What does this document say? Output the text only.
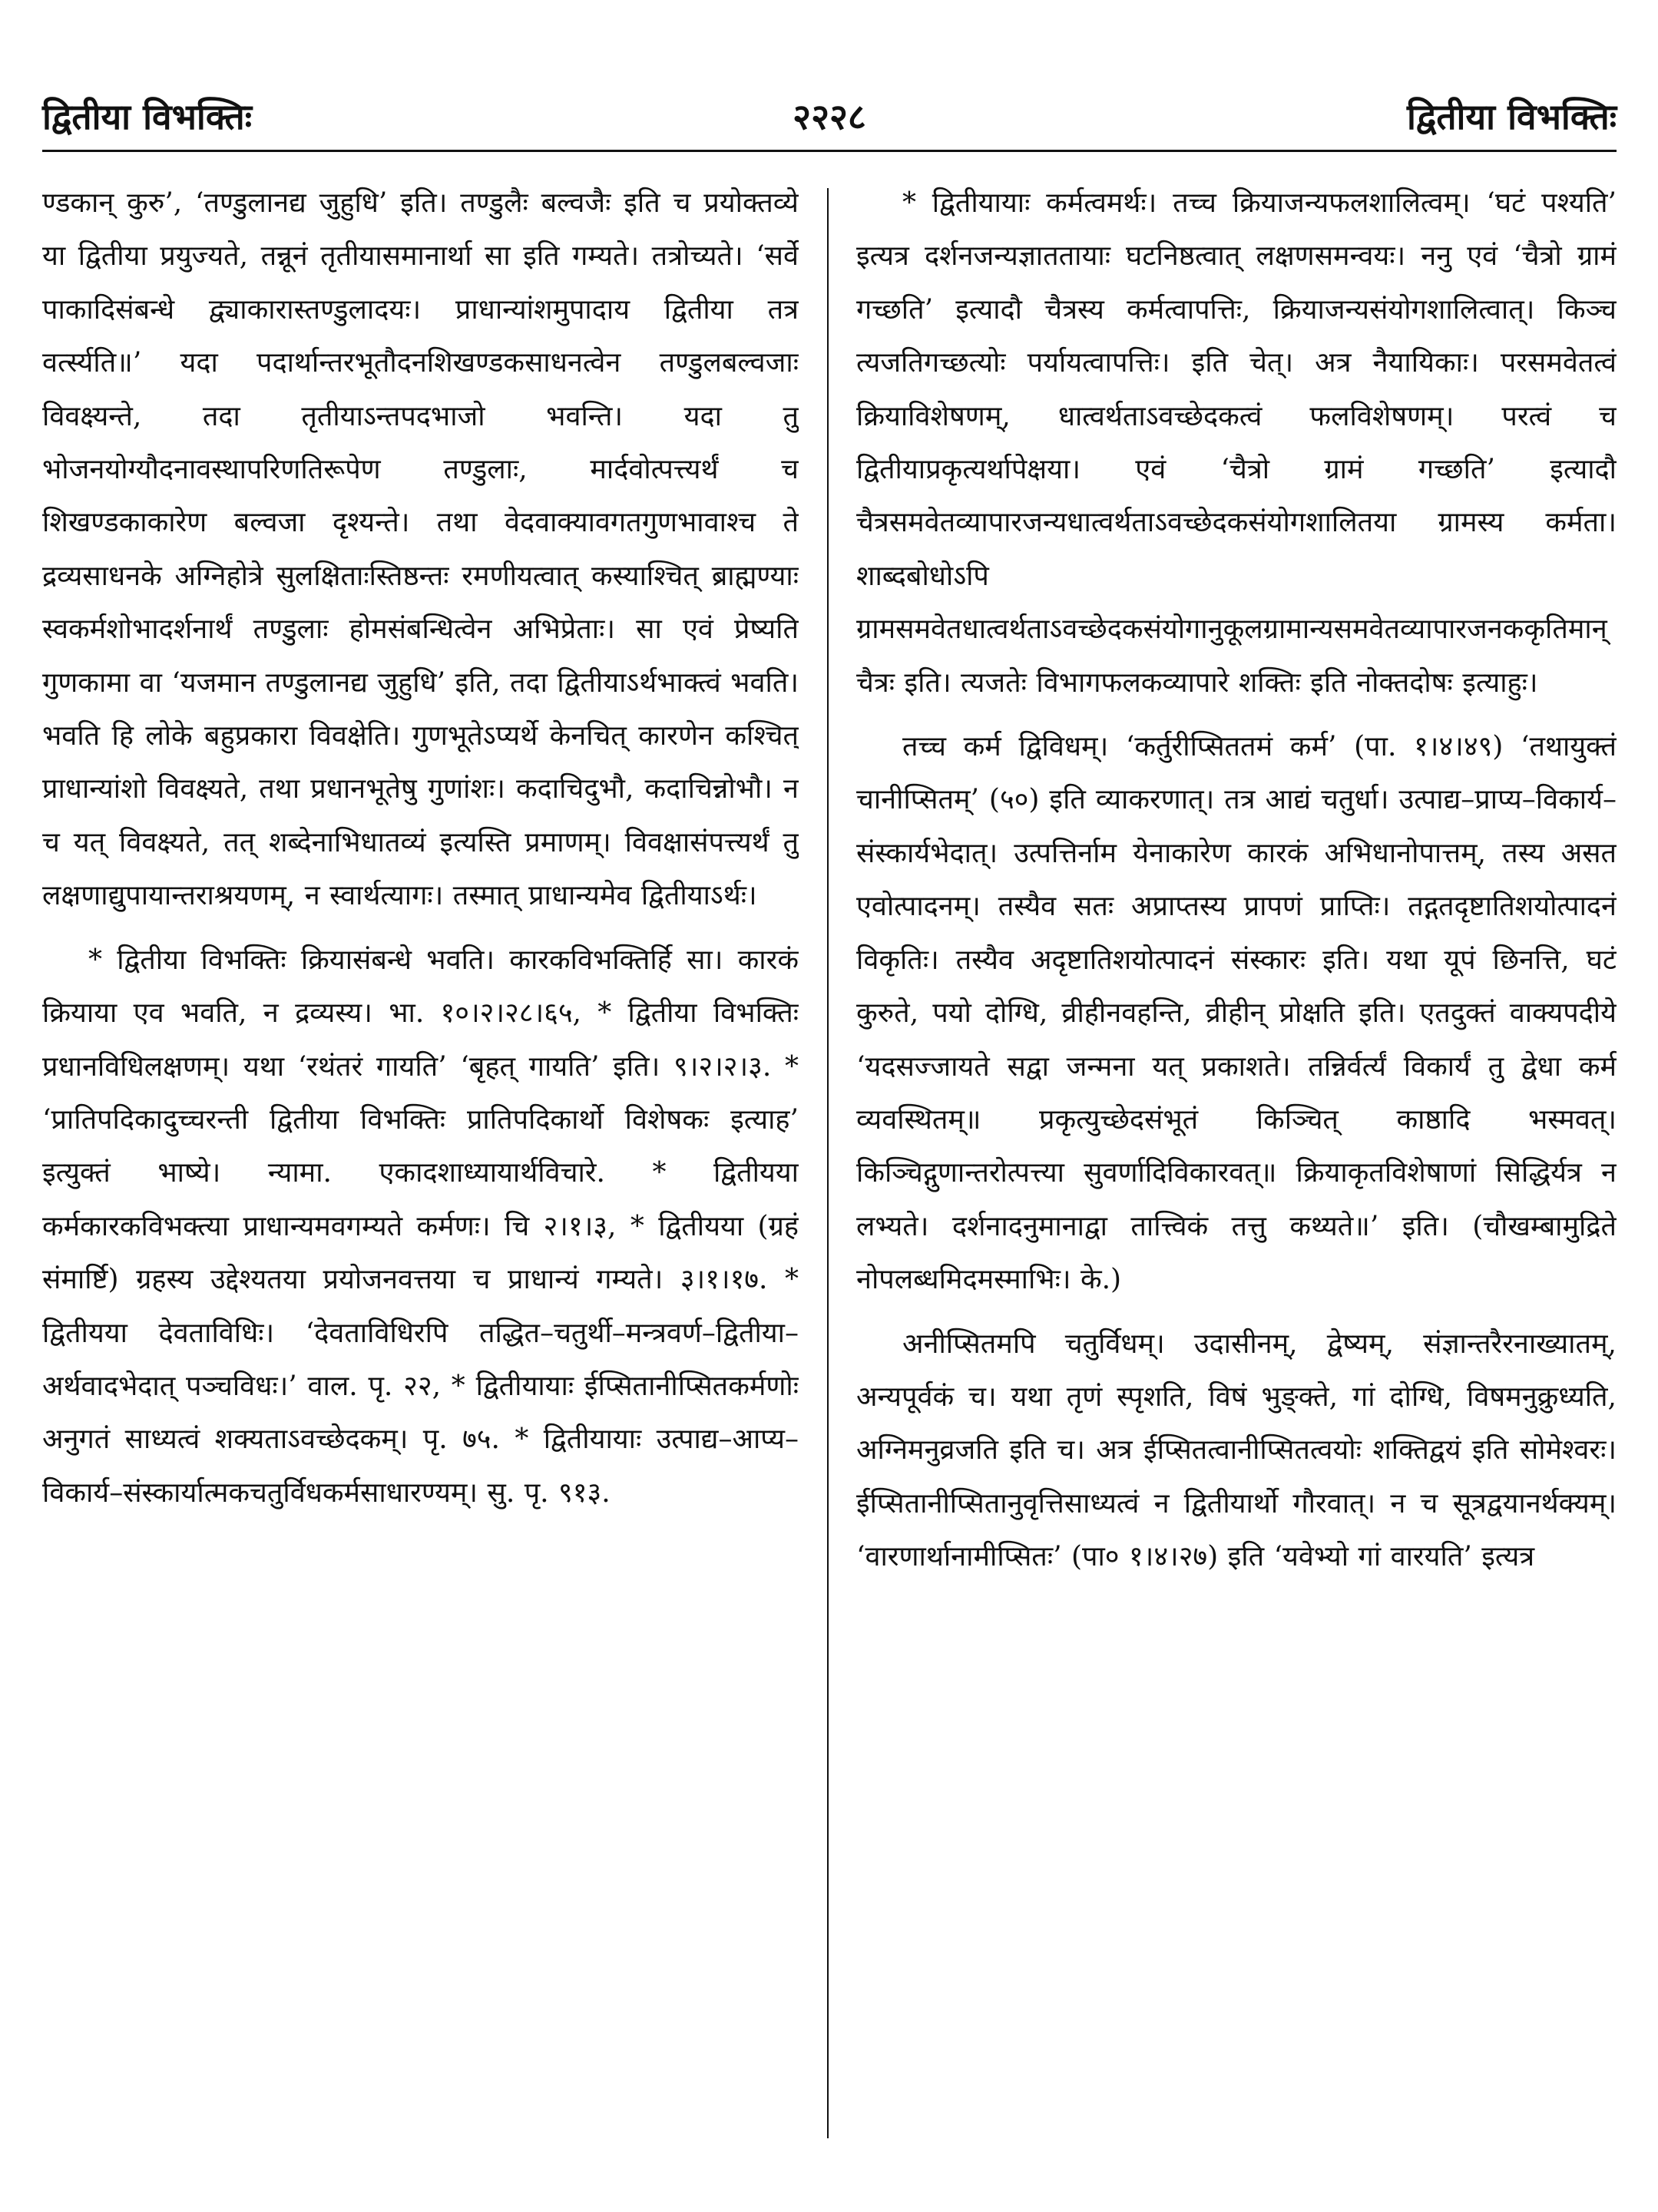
द्वितीया विभक्तिः	२२२८	द्वितीया विभक्तिः

ण्डकान् कुरु’, ‘तण्डुलानद्य जुहुधि’ इति। तण्डुलैः बल्वजैः इति च प्रयोक्तव्ये या द्वितीया प्रयुज्यते, तन्नूनं तृतीयासमानार्था सा इति गम्यते। तत्रोच्यते। ‘सर्वे पाकादिसंबन्धे द्व्याकारास्तण्डुलादयः। प्राधान्यांशमुपादाय द्वितीया तत्र वर्त्स्यति॥’ यदा पदार्थान्तरभूतौदनशिखण्डकसाधनत्वेन तण्डुलबल्वजाः विवक्ष्यन्ते, तदा तृतीयाऽन्तपदभाजो भवन्ति। यदा तु भोजनयोग्यौदनावस्थापरिणतिरूपेण तण्डुलाः, मार्दवोत्पत्त्यर्थं च शिखण्डकाकारेण बल्वजा दृश्यन्ते। तथा वेदवाक्यावगतगुणभावाश्च ते द्रव्यसाधनके अग्निहोत्रे सुलक्षिताःस्तिष्ठन्तः रमणीयत्वात् कस्याश्चित् ब्राह्मण्याः स्वकर्मशोभादर्शनार्थं तण्डुलाः होमसंबन्धित्वेन अभिप्रेताः। सा एवं प्रेष्यति गुणकामा वा ‘यजमान तण्डुलानद्य जुहुधि’ इति, तदा द्वितीयाऽर्थभाक्त्वं भवति। भवति हि लोके बहुप्रकारा विवक्षेति। गुणभूतेऽप्यर्थे केनचित् कारणेन कश्चित् प्राधान्यांशो विवक्ष्यते, तथा प्रधानभूतेषु गुणांशः। कदाचिदुभौ, कदाचिन्नोभौ। न च यत् विवक्ष्यते, तत् शब्देनाभिधातव्यं इत्यस्ति प्रमाणम्। विवक्षासंपत्त्यर्थं तु लक्षणाद्युपायान्तराश्रयणम्, न स्वार्थत्यागः। तस्मात् प्राधान्यमेव द्वितीयाऽर्थः।

* द्वितीया विभक्तिः क्रियासंबन्धे भवति। कारकविभक्तिर्हि सा। कारकं क्रियाया एव भवति, न द्रव्यस्य। भा. १०।२।२८।६५, * द्वितीया विभक्तिः प्रधानविधिलक्षणम्। यथा ‘रथंतरं गायति’ ‘बृहत् गायति’ इति। ९।२।२।३. * ‘प्रातिपदिकादुच्चरन्ती द्वितीया विभक्तिः प्रातिपदिकार्थो विशेषकः इत्याह’ इत्युक्तं भाष्ये। न्यामा. एकादशाध्यायार्थविचारे. * द्वितीयया कर्मकारकविभक्त्या प्राधान्यमवगम्यते कर्मणः। चि २।१।३, * द्वितीयया (ग्रहं संमार्ष्टि) ग्रहस्य उद्देश्यतया प्रयोजनवत्तया च प्राधान्यं गम्यते। ३।१।१७. * द्वितीयया देवताविधिः। ‘देवताविधिरपि तद्धित–चतुर्थी–मन्त्रवर्ण–द्वितीया–अर्थवादभेदात् पञ्चविधः।’ वाल. पृ. २२, * द्वितीयायाः ईप्सितानीप्सितकर्मणोः अनुगतं साध्यत्वं शक्यताऽवच्छेदकम्। पृ. ७५. * द्वितीयायाः उत्पाद्य–आप्य–विकार्य–संस्कार्यात्मकचतुर्विधकर्मसाधारण्यम्। सु. पृ. ९१३.

* द्वितीयायाः कर्मत्वमर्थः। तच्च क्रियाजन्यफलशालित्वम्। ‘घटं पश्यति’ इत्यत्र दर्शनजन्यज्ञाततायाः घटनिष्ठत्वात् लक्षणसमन्वयः। ननु एवं ‘चैत्रो ग्रामं गच्छति’ इत्यादौ चैत्रस्य कर्मत्वापत्तिः, क्रियाजन्यसंयोगशालित्वात्। किञ्च त्यजतिगच्छत्योः पर्यायत्वापत्तिः। इति चेत्। अत्र नैयायिकाः। परसमवेतत्वं क्रियाविशेषणम्, धात्वर्थताऽवच्छेदकत्वं फलविशेषणम्। परत्वं च द्वितीयाप्रकृत्यर्थापेक्षया। एवं ‘चैत्रो ग्रामं गच्छति’ इत्यादौ चैत्रसमवेतव्यापारजन्यधात्वर्थताऽवच्छेदकसंयोगशालितया ग्रामस्य कर्मता। शाब्दबोधोऽपि ग्रामसमवेतधात्वर्थताऽवच्छेदकसंयोगानुकूलग्रामान्यसमवेतव्यापारजनककृतिमान् चैत्रः इति। त्यजतेः विभागफलकव्यापारे शक्तिः इति नोक्तदोषः इत्याहुः।

तच्च कर्म द्विविधम्। ‘कर्तुरीप्सिततमं कर्म’ (पा. १।४।४९) ‘तथायुक्तं चानीप्सितम्’ (५०) इति व्याकरणात्। तत्र आद्यं चतुर्धा। उत्पाद्य–प्राप्य–विकार्य–संस्कार्यभेदात्। उत्पत्तिर्नाम येनाकारेण कारकं अभिधानोपात्तम्, तस्य असत एवोत्पादनम्। तस्यैव सतः अप्राप्तस्य प्रापणं प्राप्तिः। तद्गतदृष्टातिशयोत्पादनं विकृतिः। तस्यैव अदृष्टातिशयोत्पादनं संस्कारः इति। यथा यूपं छिनत्ति, घटं कुरुते, पयो दोग्धि, व्रीहीनवहन्ति, व्रीहीन् प्रोक्षति इति। एतदुक्तं वाक्यपदीये ‘यदसज्जायते सद्वा जन्मना यत् प्रकाशते। तन्निर्वर्त्यं विकार्यं तु द्वेधा कर्म व्यवस्थितम्॥ प्रकृत्युच्छेदसंभूतं किञ्चित् काष्ठादि भस्मवत्। किञ्चिद्गुणान्तरोत्पत्त्या सुवर्णादिविकारवत्॥ क्रियाकृतविशेषाणां सिद्धिर्यत्र न लभ्यते। दर्शनादनुमानाद्वा तात्त्विकं तत्तु कथ्यते॥’ इति। (चौखम्बामुद्रिते नोपलब्धमिदमस्माभिः। के.)

अनीप्सितमपि चतुर्विधम्। उदासीनम्, द्वेष्यम्, संज्ञान्तरैरनाख्यातम्, अन्यपूर्वकं च। यथा तृणं स्पृशति, विषं भुङ्क्ते, गां दोग्धि, विषमनुक्रुध्यति, अग्निमनुव्रजति इति च। अत्र ईप्सितत्वानीप्सितत्वयोः शक्तिद्वयं इति सोमेश्वरः। ईप्सितानीप्सितानुवृत्तिसाध्यत्वं न द्वितीयार्थो गौरवात्। न च सूत्रद्वयानर्थक्यम्। ‘वारणार्थानामीप्सितः’ (पा० १।४।२७) इति ‘यवेभ्यो गां वारयति’ इत्यत्र
